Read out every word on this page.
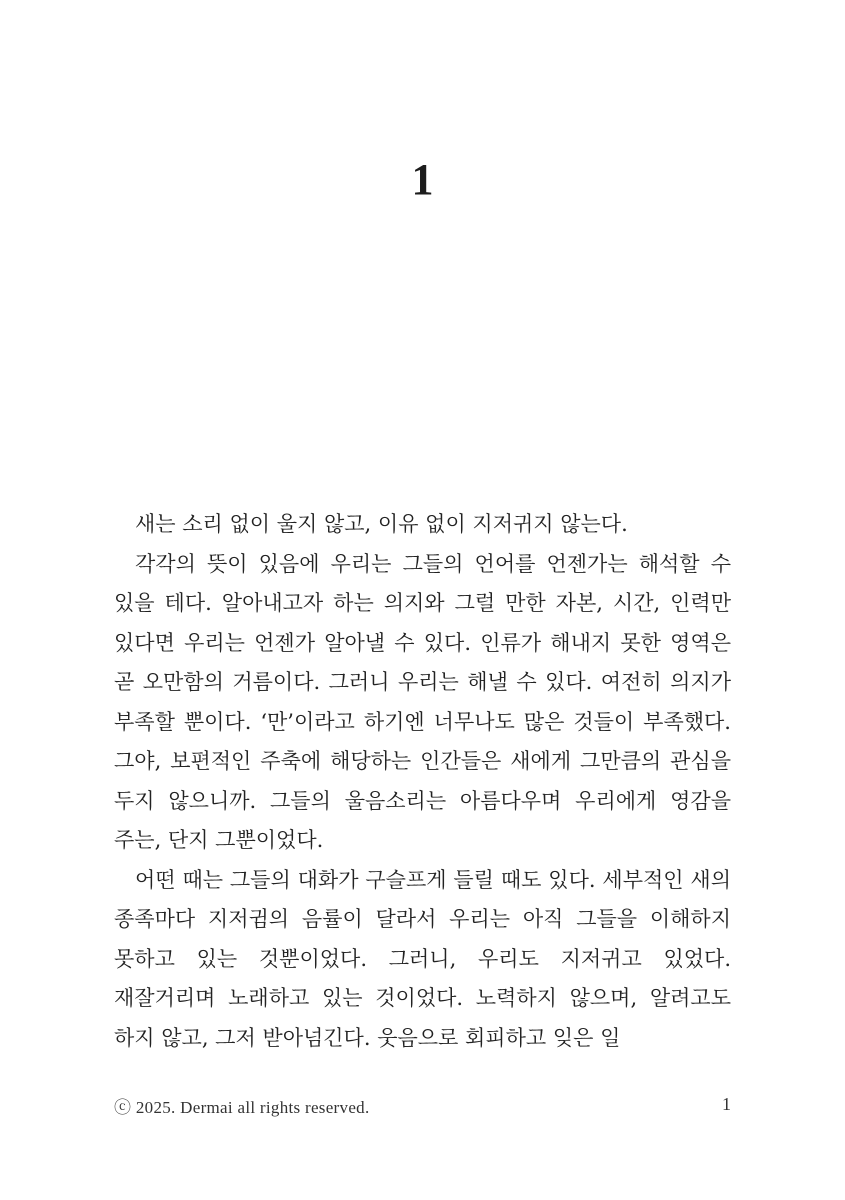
1

새는 소리 없이 울지 않고, 이유 없이 지저귀지 않는다.

각각의 뜻이 있음에 우리는 그들의 언어를 언젠가는 해석할 수 있을 테다. 알아내고자 하는 의지와 그럴 만한 자본, 시간, 인력만 있다면 우리는 언젠가 알아낼 수 있다. 인류가 해내지 못한 영역은 곧 오만함의 거름이다. 그러니 우리는 해낼 수 있다. 여전히 의지가 부족할 뿐이다. ‘만’이라고 하기엔 너무나도 많은 것들이 부족했다. 그야, 보편적인 주축에 해당하는 인간들은 새에게 그만큼의 관심을 두지 않으니까. 그들의 울음소리는 아름다우며 우리에게 영감을 주는, 단지 그뿐이었다.

어떤 때는 그들의 대화가 구슬프게 들릴 때도 있다. 세부적인 새의 종족마다 지저귐의 음률이 달라서 우리는 아직 그들을 이해하지 못하고 있는 것뿐이었다. 그러니, 우리도 지저귀고 있었다. 재잘거리며 노래하고 있는 것이었다. 노력하지 않으며, 알려고도 하지 않고, 그저 받아넘긴다. 웃음으로 회피하고 잊은 일

ⓒ 2025. Dermai all rights reserved.	1
